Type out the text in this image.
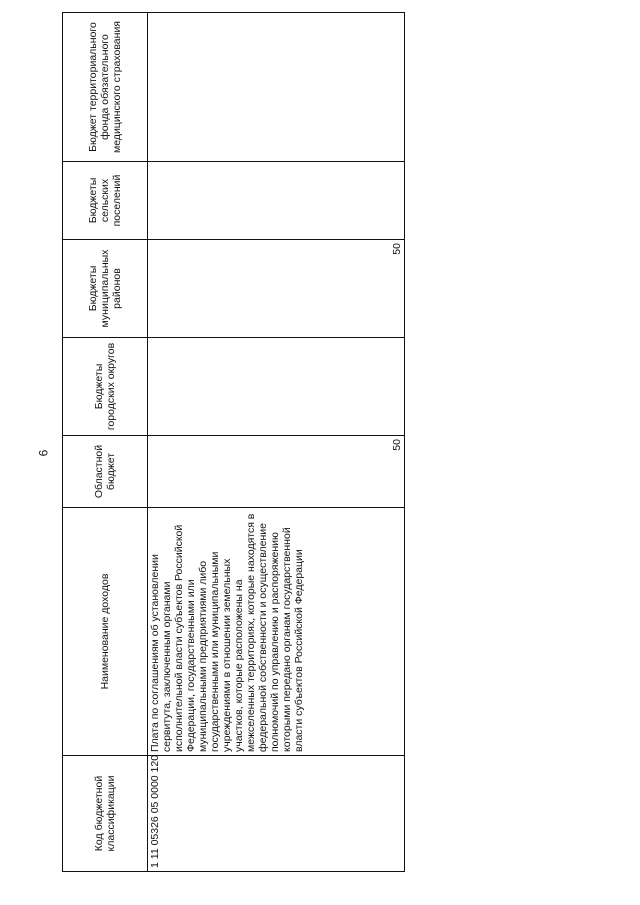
6
Код бюджетной классификации	Наименование доходов	Областной бюджет	Бюджеты городских округов	Бюджеты муниципальных районов	Бюджеты сельских поселений	Бюджет территориального фонда обязательного медицинского страхования
1 11 05326 05 0000 120	Плата по соглашениям об установлении сервитута, заключенным органами исполнительной власти субъектов Российской Федерации, государственными или муниципальными предприятиями либо государственными или муниципальными учреждениями в отношении земельных участков, которые расположены на межселенных территориях, которые находятся в федеральной собственности и осуществление полномочий по управлению и распоряжению которыми передано органам государственной власти субъектов Российской Федерации	50		50		
